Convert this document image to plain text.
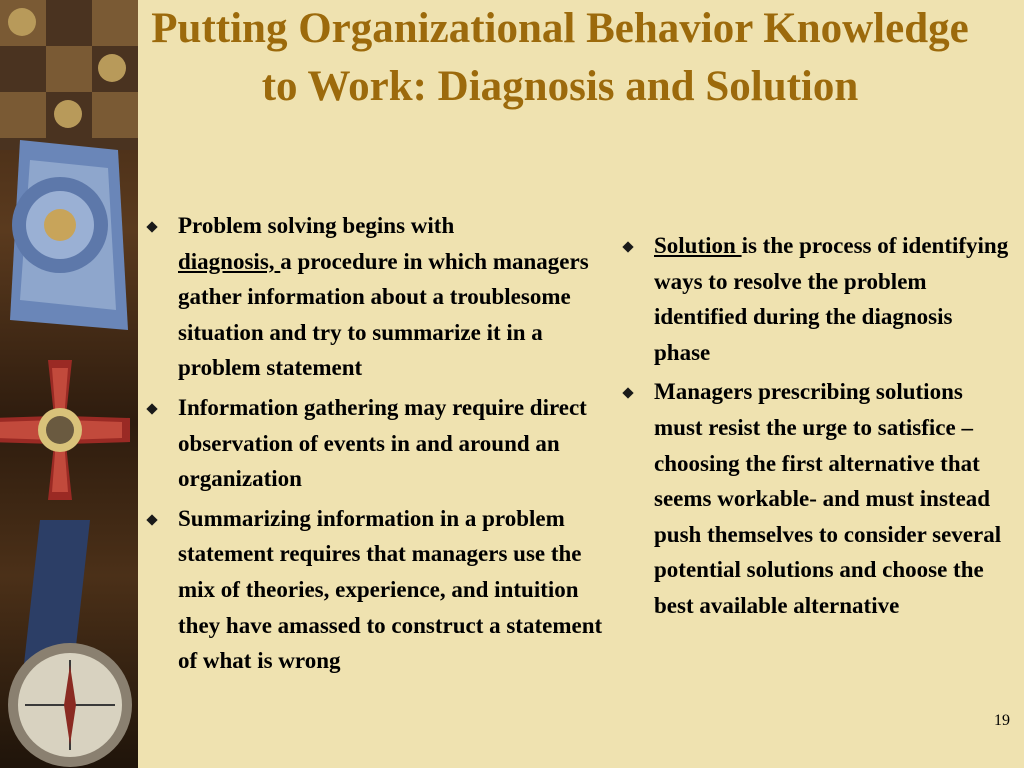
Putting Organizational Behavior Knowledge to Work: Diagnosis and Solution
Problem solving begins with
diagnosis, a procedure in which managers gather information about a troublesome situation and try to summarize it in a problem statement
Information gathering may require direct observation of events in and around an organization
Summarizing information in a problem statement requires that managers use the mix of theories, experience, and intuition they have amassed to construct a statement of what is wrong
Solution is the process of identifying ways to resolve the problem identified during the diagnosis phase
Managers prescribing solutions must resist the urge to satisfice – choosing the first alternative that seems workable- and must instead push themselves to consider several potential solutions and choose the best available alternative
19
